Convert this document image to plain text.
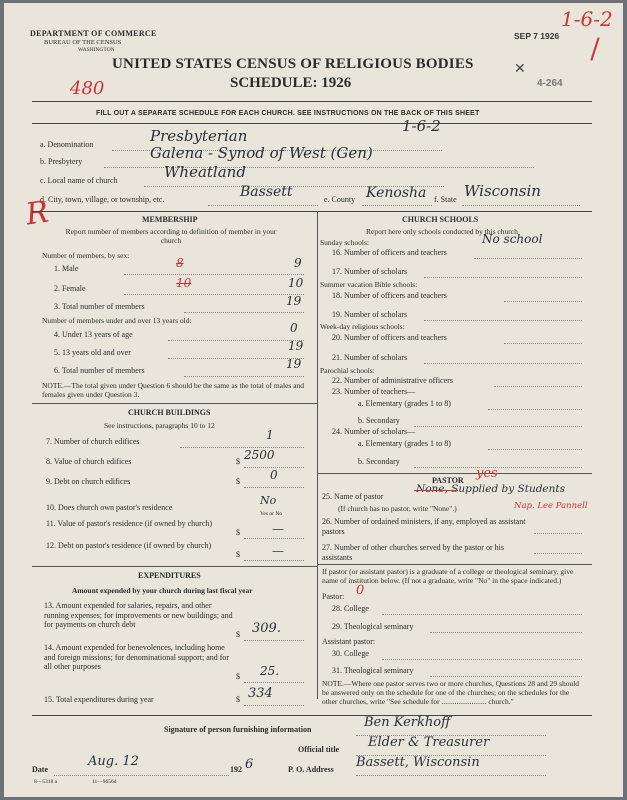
DEPARTMENT OF COMMERCE
BUREAU OF THE CENSUS
WASHINGTON
UNITED STATES CENSUS OF RELIGIOUS BODIES
SCHEDULE: 1926
SEP 7 1926
1-6-2
480	4-264
✕
FILL OUT A SEPARATE SCHEDULE FOR EACH CHURCH. SEE INSTRUCTIONS ON THE BACK OF THIS SHEET
a. Denomination	Presbyterian
1-6-2
b. Presbytery	Galena - Synod of West (Gen)
c. Local name of church	Wheatland
d. City, town, village, or township, etc.	Bassett	e. County Kenosha f. State Wisconsin
R	MEMBERSHIP
Report number of members according to definition of member in your church
Number of members, by sex:
1. Male	8	9
2. Female	10	10
3. Total number of members	19
Number of members under and over 13 years old:
4. Under 13 years of age	0
5. 13 years old and over	19
6. Total number of members	19
NOTE.—The total given under Question 6 should be the same as the total of males and females given under Question 3.
CHURCH BUILDINGS
See instructions, paragraphs 10 to 12
7. Number of church edifices	1
8. Value of church edifices	$ 2500
9. Debt on church edifices	$	0
10. Does church own pastor's residence
No
Yes or No
11. Value of pastor's residence (if owned by church)
$	—
12. Debt on pastor's residence (if owned by church)
$	—
EXPENDITURES
Amount expended by your church during last fiscal year
13. Amount expended for salaries, repairs, and other running expenses; for improvements or new buildings; and for payments on church debt
$ 309.
14. Amount expended for benevolences, including home and foreign missions; for denominational support; and for all other purposes
$ 25.
15. Total expenditures during year	$ 334
CHURCH SCHOOLS
Report here only schools conducted by this church
Sunday schools:
16. Number of officers and teachers
No school
17. Number of scholars
Summer vacation Bible schools:
18. Number of officers and teachers
19. Number of scholars
Week-day religious schools:
20. Number of officers and teachers
21. Number of scholars
Parochial schools:
22. Number of administrative officers
23. Number of teachers—
a. Elementary (grades 1 to 8)
b. Secondary
24. Number of scholars—
a. Elementary (grades 1 to 8)
b. Secondary
PASTOR yes
25. Name of pastor
None, Supplied by Students
(If church has no pastor, write "None".)	Nap. Lee Pannell
26. Number of ordained ministers, if any, employed as assistant pastors
27. Number of other churches served by the pastor or his assistants
If pastor (or assistant pastor) is a graduate of a college or theological seminary, give name of institution below. (If not a graduate, write "No" in the space indicated.)
Pastor: 0
28. College
29. Theological seminary
Assistant pastor:
30. College
31. Theological seminary
NOTE.—Where one pastor serves two or more churches, Questions 28 and 29 should be answered only on the schedule for one of the churches; on the schedules for the other churches, write "See schedule for ........................ church."
Signature of person furnishing information	Ben Kerkhoff
Official title Elder & Treasurer
Date
Aug. 12
192 6	P. O. Address Bassett, Wisconsin
8—5318 a	11—9656d
